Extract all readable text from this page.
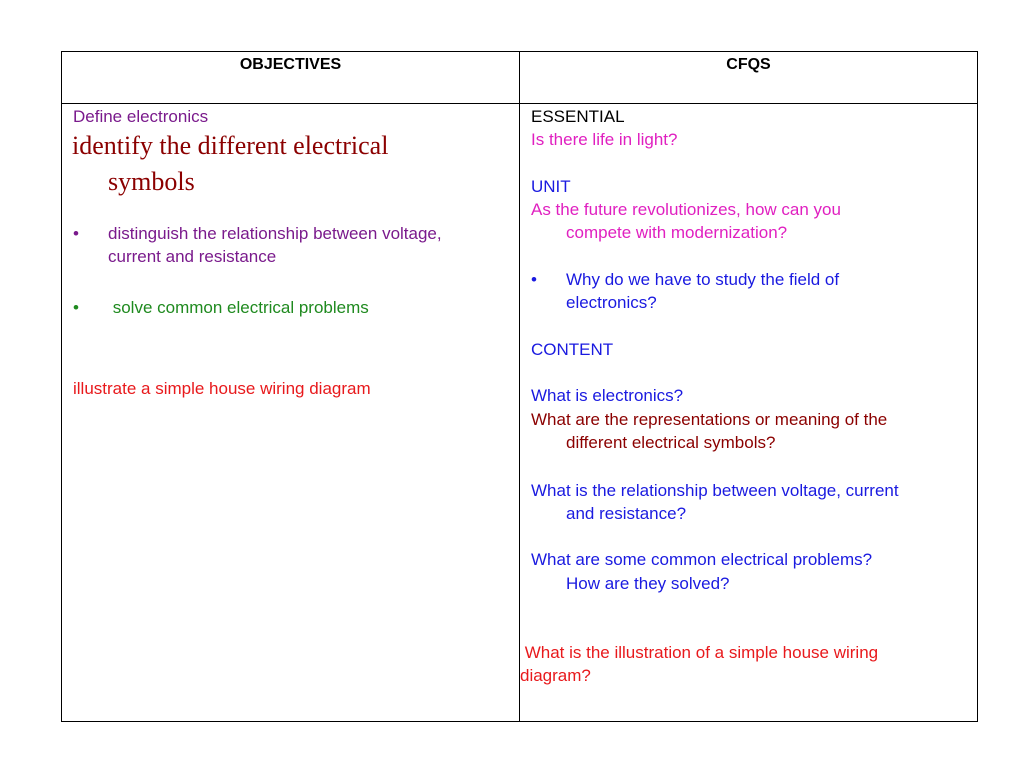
OBJECTIVES	CFQS
Define electronics
identify the different electrical
symbols
• distinguish the relationship between voltage,
current and resistance
• solve common electrical problems
illustrate a simple house wiring diagram
ESSENTIAL
Is there life in light?
UNIT
As the future revolutionizes, how can you
compete with modernization?
• Why do we have to study the field of
electronics?
CONTENT
What is electronics?
What are the representations or meaning of the
different electrical symbols?
What is the relationship between voltage, current
and resistance?
What are some common electrical problems?
How are they solved?
What is the illustration of a simple house wiring
diagram?
